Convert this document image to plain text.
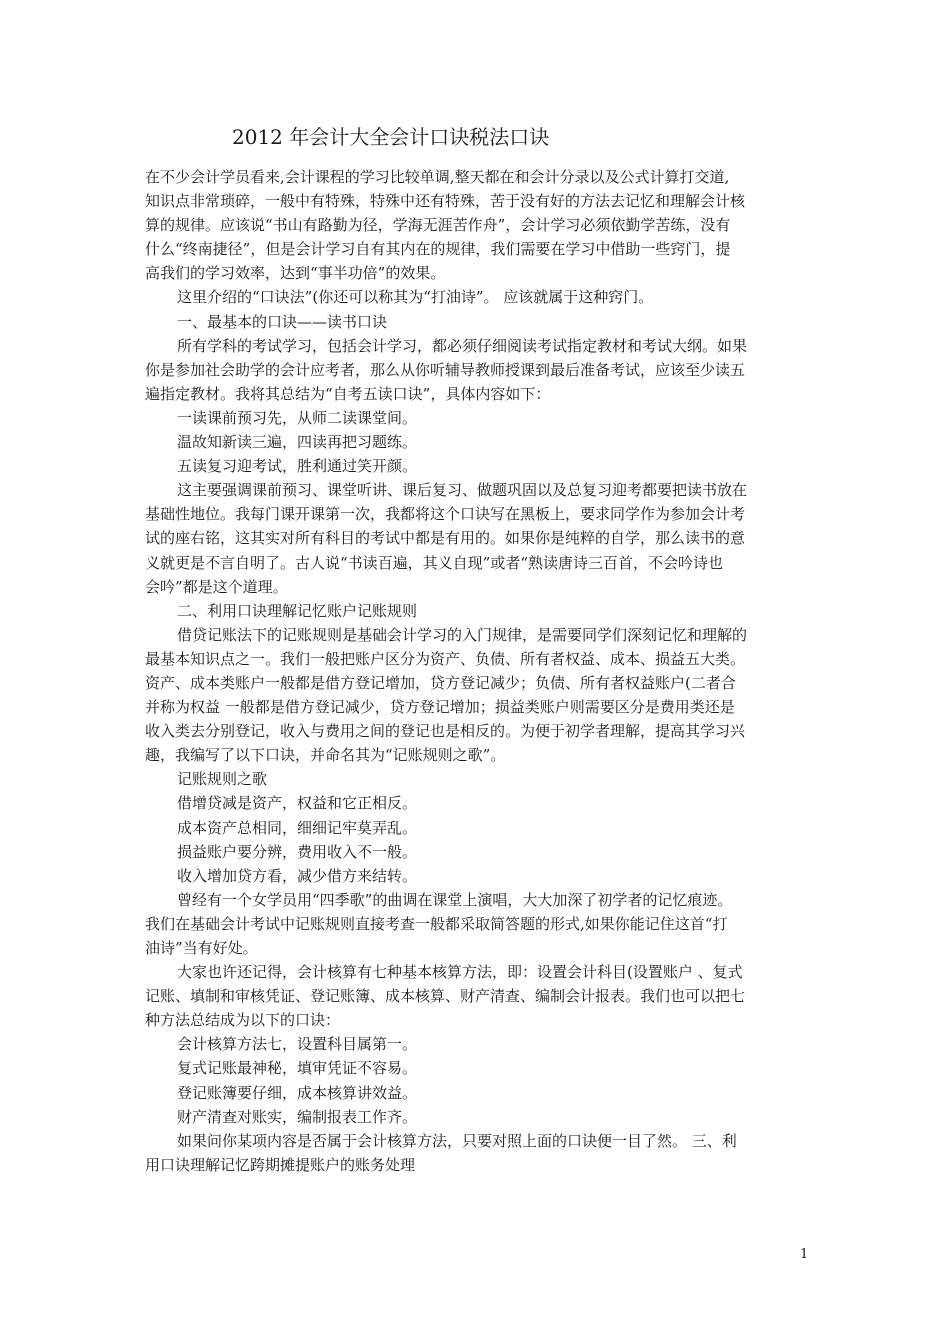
2012 年会计大全会计口诀税法口诀

在不少会计学员看来,会计课程的学习比较单调,整天都在和会计分录以及公式计算打交道,

知识点非常琐碎，一般中有特殊，特殊中还有特殊，苦于没有好的方法去记忆和理解会计核

算的规律。应该说“书山有路勤为径，学海无涯苦作舟”，会计学习必须依勤学苦练，没有

什么“终南捷径”，但是会计学习自有其内在的规律，我们需要在学习中借助一些窍门，提

高我们的学习效率，达到“事半功倍”的效果。

这里介绍的“口诀法”(你还可以称其为“打油诗”。 应该就属于这种窍门。

一、最基本的口诀——读书口诀

所有学科的考试学习，包括会计学习，都必须仔细阅读考试指定教材和考试大纲。如果

你是参加社会助学的会计应考者，那么从你听辅导教师授课到最后准备考试，应该至少读五

遍指定教材。我将其总结为“自考五读口诀”，具体内容如下：

一读课前预习先，从师二读课堂间。

温故知新读三遍，四读再把习题练。

五读复习迎考试，胜利通过笑开颜。

这主要强调课前预习、课堂听讲、课后复习、做题巩固以及总复习迎考都要把读书放在

基础性地位。我每门课开课第一次，我都将这个口诀写在黑板上，要求同学作为参加会计考

试的座右铭，这其实对所有科目的考试中都是有用的。如果你是纯粹的自学，那么读书的意

义就更是不言自明了。古人说“书读百遍，其义自现”或者“熟读唐诗三百首，不会吟诗也

会吟”都是这个道理。

二、利用口诀理解记忆账户记账规则

借贷记账法下的记账规则是基础会计学习的入门规律，是需要同学们深刻记忆和理解的

最基本知识点之一。我们一般把账户区分为资产、负债、所有者权益、成本、损益五大类。

资产、成本类账户一般都是借方登记增加，贷方登记减少；负债、所有者权益账户(二者合

并称为权益 一般都是借方登记减少，贷方登记增加；损益类账户则需要区分是费用类还是

收入类去分别登记，收入与费用之间的登记也是相反的。为便于初学者理解，提高其学习兴

趣，我编写了以下口诀，并命名其为“记账规则之歌”。

记账规则之歌

借增贷减是资产，权益和它正相反。

成本资产总相同，细细记牢莫弄乱。

损益账户要分辨，费用收入不一般。

收入增加贷方看，减少借方来结转。

曾经有一个女学员用“四季歌”的曲调在课堂上演唱，大大加深了初学者的记忆痕迹。

我们在基础会计考试中记账规则直接考查一般都采取简答题的形式,如果你能记住这首“打

油诗”当有好处。

大家也许还记得，会计核算有七种基本核算方法，即：设置会计科目(设置账户 、复式

记账、填制和审核凭证、登记账簿、成本核算、财产清查、编制会计报表。我们也可以把七

种方法总结成为以下的口诀：

会计核算方法七，设置科目属第一。

复式记账最神秘，填审凭证不容易。

登记账簿要仔细，成本核算讲效益。

财产清查对账实，编制报表工作齐。

如果问你某项内容是否属于会计核算方法，只要对照上面的口诀便一目了然。 三、利

用口诀理解记忆跨期摊提账户的账务处理

1
